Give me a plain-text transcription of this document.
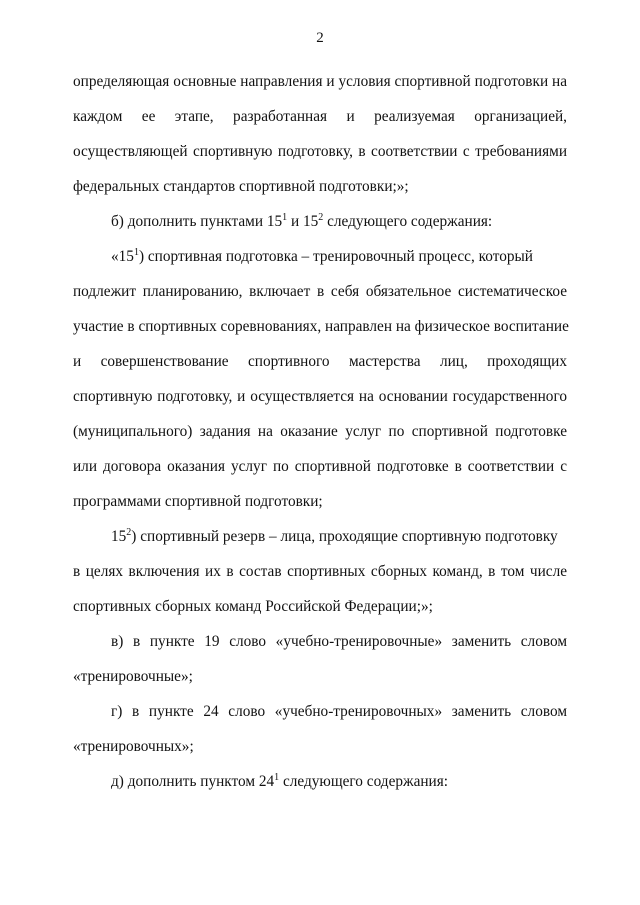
2
определяющая основные направления и условия спортивной подготовки на
каждом ее этапе, разработанная и реализуемая организацией,
осуществляющей спортивную подготовку, в соответствии с требованиями
федеральных стандартов спортивной подготовки;»;
б) дополнить пунктами $15^1$ и $15^2$ следующего содержания:
«$15^1$) спортивная подготовка – тренировочный процесс, который
подлежит планированию, включает в себя обязательное систематическое
участие в спортивных соревнованиях, направлен на физическое воспитание
и совершенствование спортивного мастерства лиц, проходящих
спортивную подготовку, и осуществляется на основании государственного
(муниципального) задания на оказание услуг по спортивной подготовке
или договора оказания услуг по спортивной подготовке в соответствии с
программами спортивной подготовки;
$15^2$) спортивный резерв – лица, проходящие спортивную подготовку
в целях включения их в состав спортивных сборных команд, в том числе
спортивных сборных команд Российской Федерации;»;
в) в пункте 19 слово «учебно-тренировочные» заменить словом
«тренировочные»;
г) в пункте 24 слово «учебно-тренировочных» заменить словом
«тренировочных»;
д) дополнить пунктом $24^1$ следующего содержания:
